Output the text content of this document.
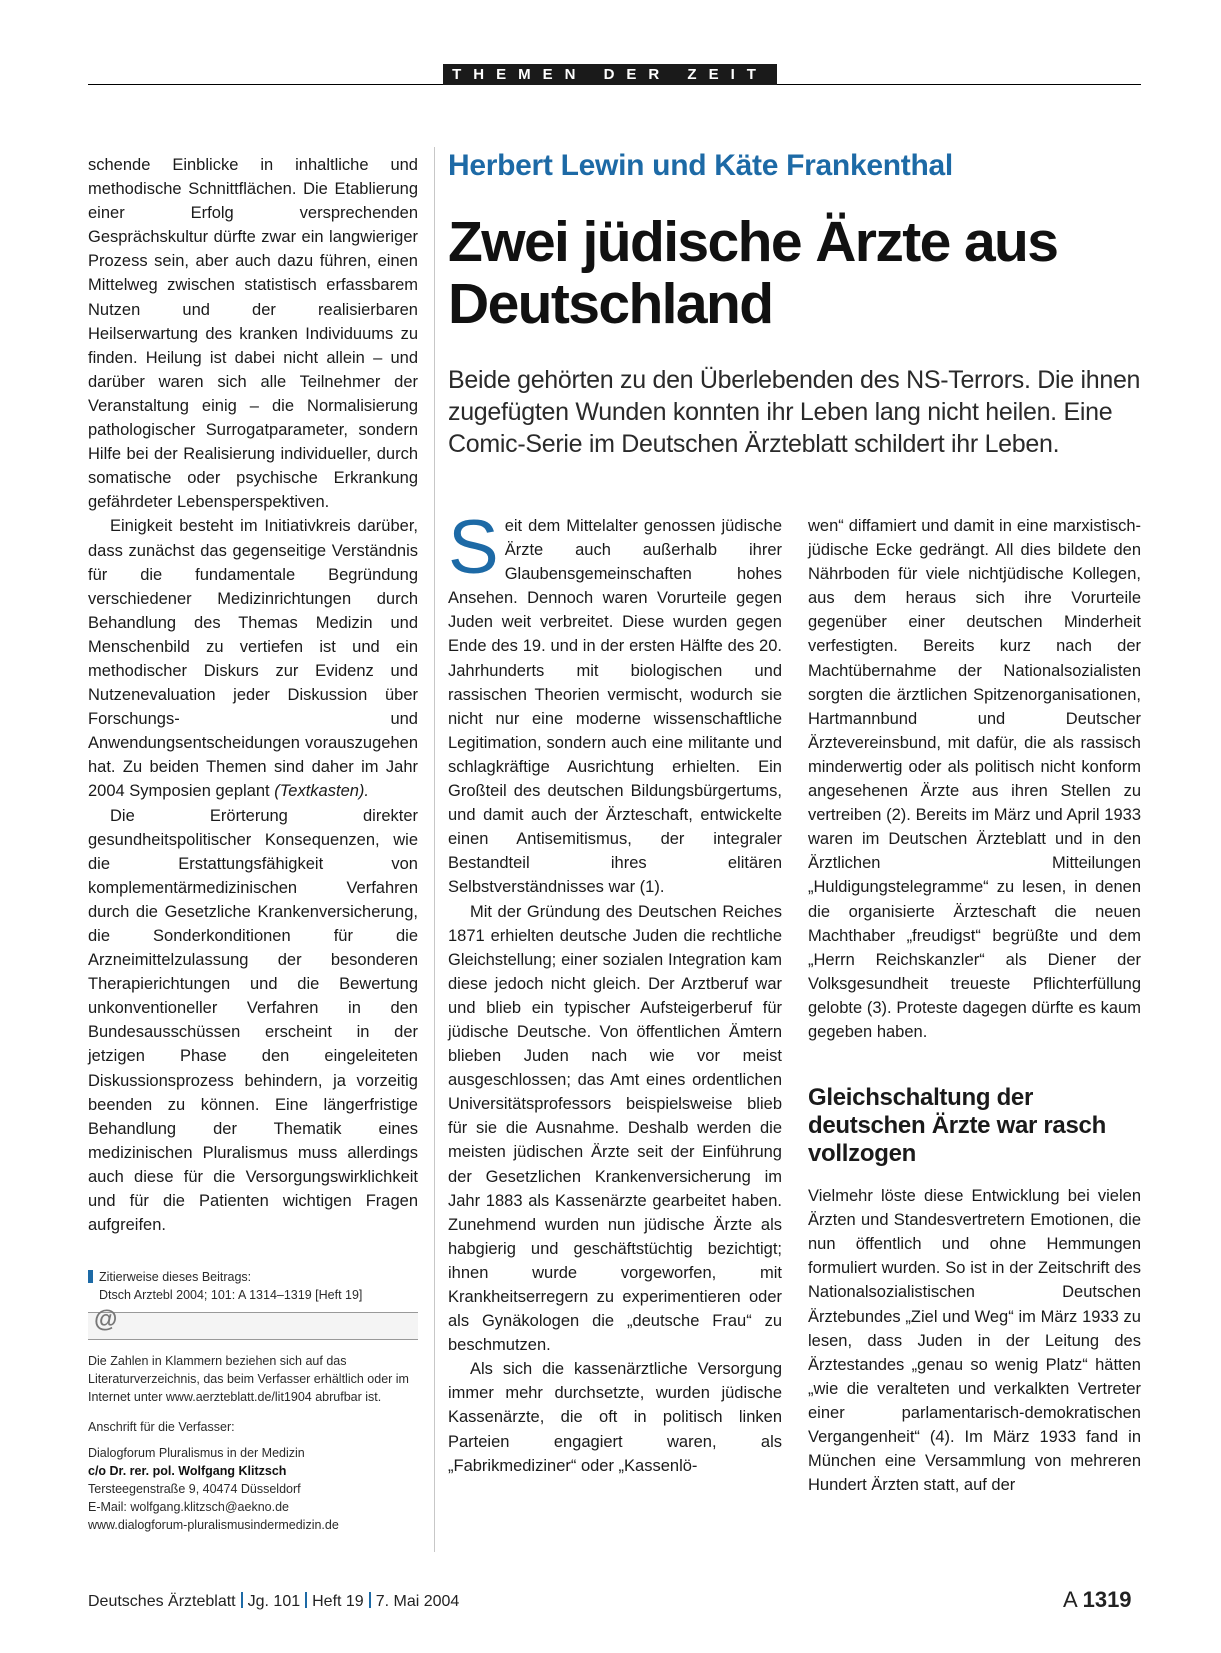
THEMEN DER ZEIT

schende Einblicke in inhaltliche und methodische Schnittflächen. Die Etablierung einer Erfolg versprechenden Gesprächskultur dürfte zwar ein langwieriger Prozess sein, aber auch dazu führen, einen Mittelweg zwischen statistisch erfassbarem Nutzen und der realisierbaren Heilserwartung des kranken Individuums zu finden. Heilung ist dabei nicht allein – und darüber waren sich alle Teilnehmer der Veranstaltung einig – die Normalisierung pathologischer Surrogatparameter, sondern Hilfe bei der Realisierung individueller, durch somatische oder psychische Erkrankung gefährdeter Lebensperspektiven.

Einigkeit besteht im Initiativkreis darüber, dass zunächst das gegenseitige Verständnis für die fundamentale Begründung verschiedener Medizinrichtungen durch Behandlung des Themas Medizin und Menschenbild zu vertiefen ist und ein methodischer Diskurs zur Evidenz und Nutzenevaluation jeder Diskussion über Forschungs- und Anwendungsentscheidungen vorauszugehen hat. Zu beiden Themen sind daher im Jahr 2004 Symposien geplant (Textkasten).

Die Erörterung direkter gesundheitspolitischer Konsequenzen, wie die Erstattungsfähigkeit von komplementärmedizinischen Verfahren durch die Gesetzliche Krankenversicherung, die Sonderkonditionen für die Arzneimittelzulassung der besonderen Therapierichtungen und die Bewertung unkonventioneller Verfahren in den Bundesausschüssen erscheint in der jetzigen Phase den eingeleiteten Diskussionsprozess behindern, ja vorzeitig beenden zu können. Eine längerfristige Behandlung der Thematik eines medizinischen Pluralismus muss allerdings auch diese für die Versorgungswirklichkeit und für die Patienten wichtigen Fragen aufgreifen.

Zitierweise dieses Beitrags:

Dtsch Arztebl 2004; 101: A 1314–1319 [Heft 19]

@

Die Zahlen in Klammern beziehen sich auf das Literaturverzeichnis, das beim Verfasser erhältlich oder im Internet unter www.aerzteblatt.de/lit1904 abrufbar ist.

Anschrift für die Verfasser:

Dialogforum Pluralismus in der Medizin

c/o Dr. rer. pol. Wolfgang Klitzsch

Tersteegenstraße 9, 40474 Düsseldorf

E-Mail: wolfgang.klitzsch@aekno.de

www.dialogforum-pluralismusindermedizin.de

Herbert Lewin und Käte Frankenthal
Zwei jüdische Ärzte aus Deutschland

Beide gehörten zu den Überlebenden des NS-Terrors. Die ihnen zugefügten Wunden konnten ihr Leben lang nicht heilen. Eine Comic-Serie im Deutschen Ärzteblatt schildert ihr Leben.

Seit dem Mittelalter genossen jüdische Ärzte auch außerhalb ihrer Glaubensgemeinschaften hohes Ansehen. Dennoch waren Vorurteile gegen Juden weit verbreitet. Diese wurden gegen Ende des 19. und in der ersten Hälfte des 20. Jahrhunderts mit biologischen und rassischen Theorien vermischt, wodurch sie nicht nur eine moderne wissenschaftliche Legitimation, sondern auch eine militante und schlagkräftige Ausrichtung erhielten. Ein Großteil des deutschen Bildungsbürgertums, und damit auch der Ärzteschaft, entwickelte einen Antisemitismus, der integraler Bestandteil ihres elitären Selbstverständnisses war (1).

Mit der Gründung des Deutschen Reiches 1871 erhielten deutsche Juden die rechtliche Gleichstellung; einer sozialen Integration kam diese jedoch nicht gleich. Der Arztberuf war und blieb ein typischer Aufsteigerberuf für jüdische Deutsche. Von öffentlichen Ämtern blieben Juden nach wie vor meist ausgeschlossen; das Amt eines ordentlichen Universitätsprofessors beispielsweise blieb für sie die Ausnahme. Deshalb werden die meisten jüdischen Ärzte seit der Einführung der Gesetzlichen Krankenversicherung im Jahr 1883 als Kassenärzte gearbeitet haben. Zunehmend wurden nun jüdische Ärzte als habgierig und geschäftstüchtig bezichtigt; ihnen wurde vorgeworfen, mit Krankheitserregern zu experimentieren oder als Gynäkologen die „deutsche Frau“ zu beschmutzen.

Als sich die kassenärztliche Versorgung immer mehr durchsetzte, wurden jüdische Kassenärzte, die oft in politisch linken Parteien engagiert waren, als „Fabrikmediziner“ oder „Kassenlö-

wen“ diffamiert und damit in eine marxistisch-jüdische Ecke gedrängt. All dies bildete den Nährboden für viele nichtjüdische Kollegen, aus dem heraus sich ihre Vorurteile gegenüber einer deutschen Minderheit verfestigten. Bereits kurz nach der Machtübernahme der Nationalsozialisten sorgten die ärztlichen Spitzenorganisationen, Hartmannbund und Deutscher Ärztevereinsbund, mit dafür, die als rassisch minderwertig oder als politisch nicht konform angesehenen Ärzte aus ihren Stellen zu vertreiben (2). Bereits im März und April 1933 waren im Deutschen Ärzteblatt und in den Ärztlichen Mitteilungen „Huldigungstelegramme“ zu lesen, in denen die organisierte Ärzteschaft die neuen Machthaber „freudigst“ begrüßte und dem „Herrn Reichskanzler“ als Diener der Volksgesundheit treueste Pflichterfüllung gelobte (3). Proteste dagegen dürfte es kaum gegeben haben.

Gleichschaltung der deutschen Ärzte war rasch vollzogen

Vielmehr löste diese Entwicklung bei vielen Ärzten und Standesvertretern Emotionen, die nun öffentlich und ohne Hemmungen formuliert wurden. So ist in der Zeitschrift des Nationalsozialistischen Deutschen Ärztebundes „Ziel und Weg“ im März 1933 zu lesen, dass Juden in der Leitung des Ärztestandes „genau so wenig Platz“ hätten „wie die veralteten und verkalkten Vertreter einer parlamentarisch-demokratischen Vergangenheit“ (4). Im März 1933 fand in München eine Versammlung von mehreren Hundert Ärzten statt, auf der

Deutsches Ärzteblatt Jg. 101 Heft 19 7. Mai 2004	A 1319
